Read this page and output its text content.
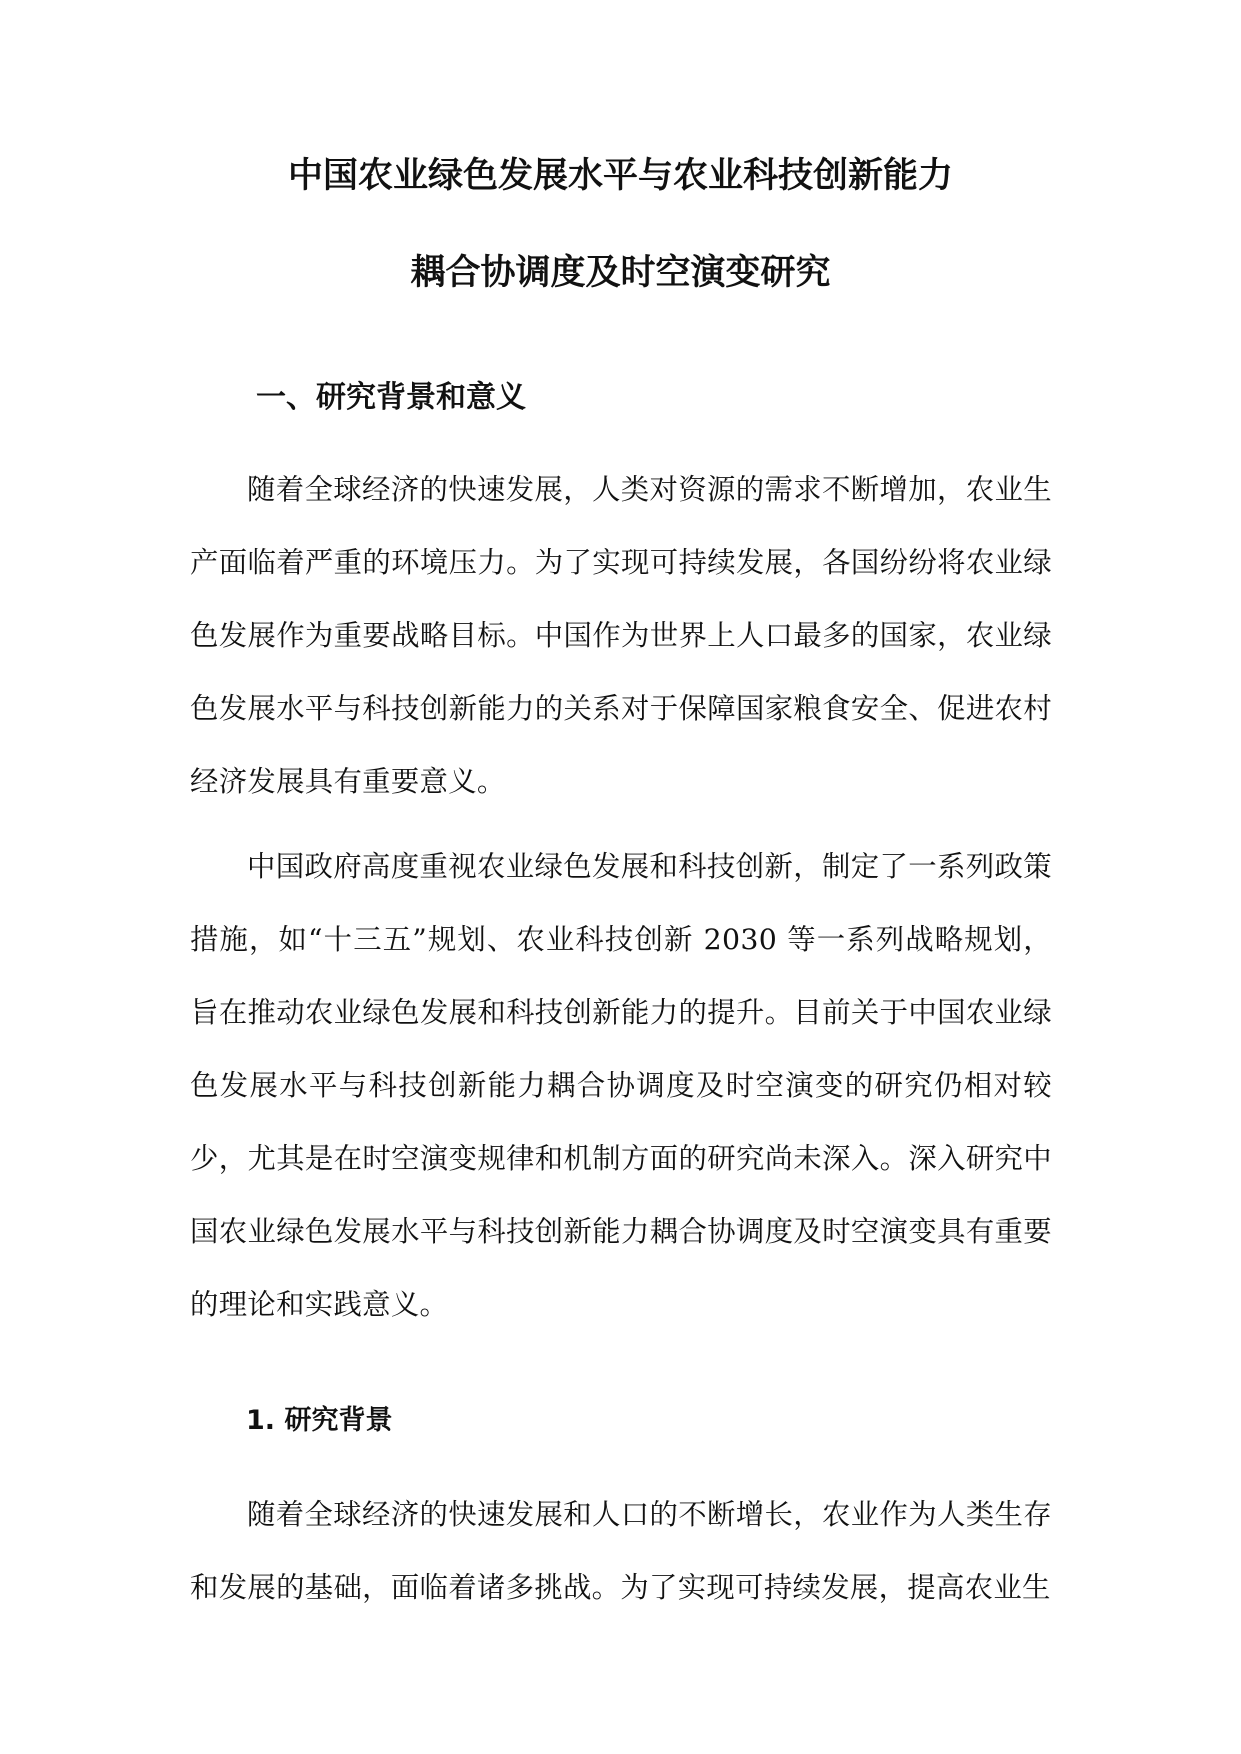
中国农业绿色发展水平与农业科技创新能力
耦合协调度及时空演变研究
一、研究背景和意义

随着全球经济的快速发展，人类对资源的需求不断增加，农业生产面临着严重的环境压力。为了实现可持续发展，各国纷纷将农业绿色发展作为重要战略目标。中国作为世界上人口最多的国家，农业绿色发展水平与科技创新能力的关系对于保障国家粮食安全、促进农村经济发展具有重要意义。

中国政府高度重视农业绿色发展和科技创新，制定了一系列政策措施，如“十三五”规划、农业科技创新 2030 等一系列战略规划，旨在推动农业绿色发展和科技创新能力的提升。目前关于中国农业绿色发展水平与科技创新能力耦合协调度及时空演变的研究仍相对较少，尤其是在时空演变规律和机制方面的研究尚未深入。深入研究中国农业绿色发展水平与科技创新能力耦合协调度及时空演变具有重要的理论和实践意义。

1. 研究背景

随着全球经济的快速发展和人口的不断增长，农业作为人类生存和发展的基础，面临着诸多挑战。为了实现可持续发展，提高农业生
